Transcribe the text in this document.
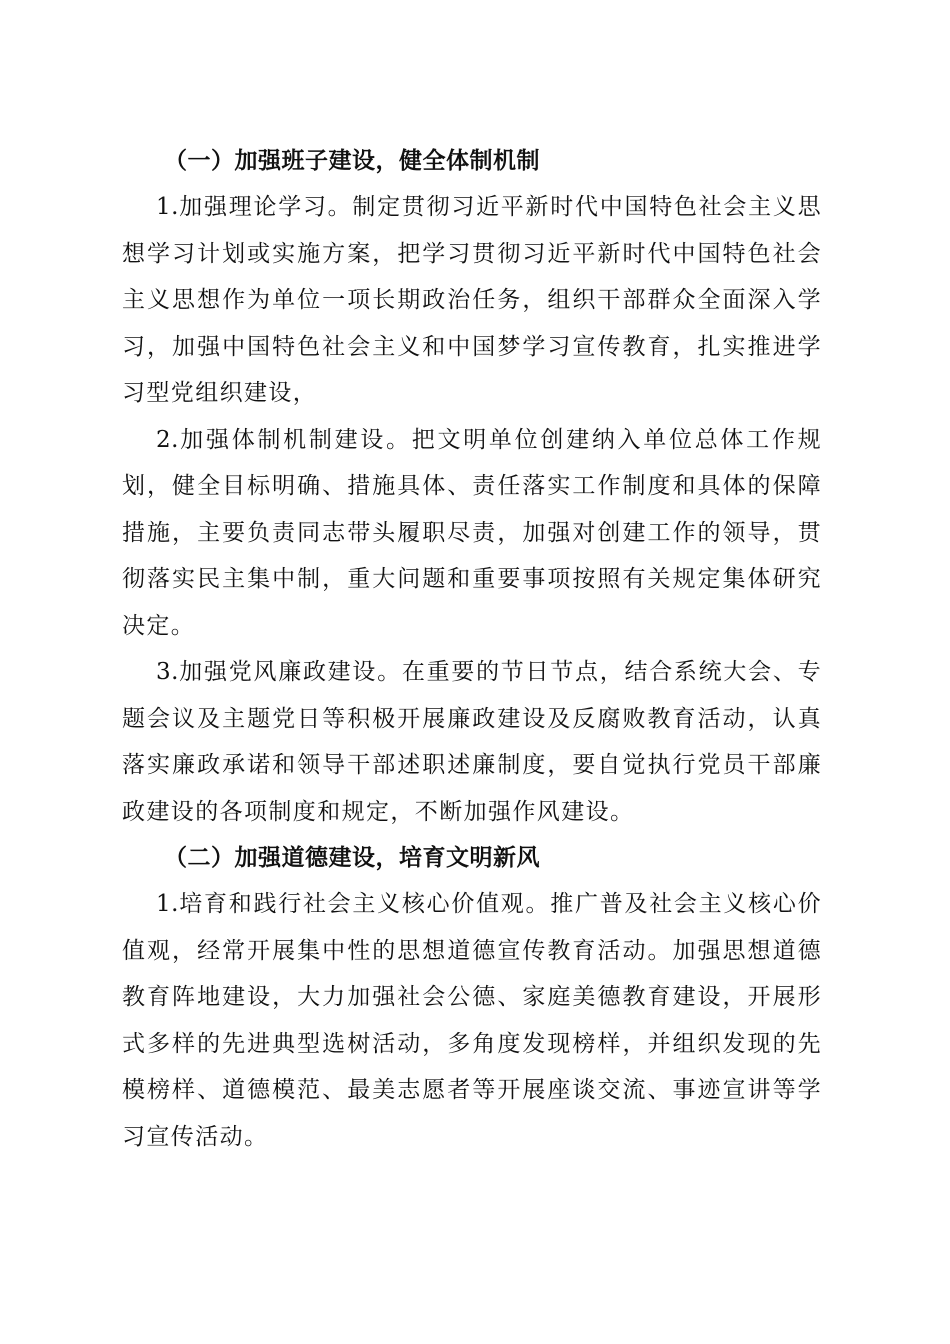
（一）加强班子建设，健全体制机制

1.加强理论学习。制定贯彻习近平新时代中国特色社会主义思想学习计划或实施方案，把学习贯彻习近平新时代中国特色社会主义思想作为单位一项长期政治任务，组织干部群众全面深入学习，加强中国特色社会主义和中国梦学习宣传教育，扎实推进学习型党组织建设，

2.加强体制机制建设。把文明单位创建纳入单位总体工作规划，健全目标明确、措施具体、责任落实工作制度和具体的保障措施，主要负责同志带头履职尽责，加强对创建工作的领导，贯彻落实民主集中制，重大问题和重要事项按照有关规定集体研究决定。

3.加强党风廉政建设。在重要的节日节点，结合系统大会、专题会议及主题党日等积极开展廉政建设及反腐败教育活动，认真落实廉政承诺和领导干部述职述廉制度，要自觉执行党员干部廉政建设的各项制度和规定，不断加强作风建设。

（二）加强道德建设，培育文明新风

1.培育和践行社会主义核心价值观。推广普及社会主义核心价值观，经常开展集中性的思想道德宣传教育活动。加强思想道德教育阵地建设，大力加强社会公德、家庭美德教育建设，开展形式多样的先进典型选树活动，多角度发现榜样，并组织发现的先模榜样、道德模范、最美志愿者等开展座谈交流、事迹宣讲等学习宣传活动。
